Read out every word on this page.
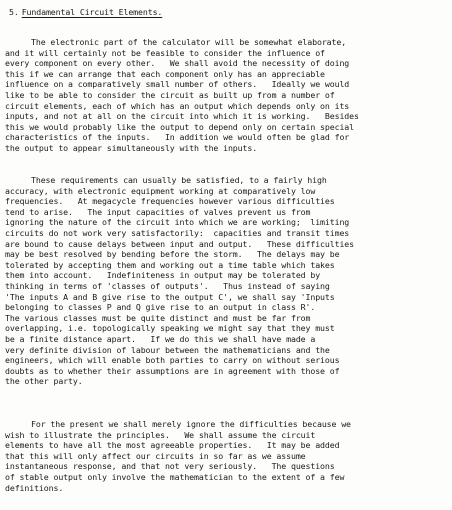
5. Fundamental Circuit Elements.

The electronic part of the calculator will be somewhat elaborate,
and it will certainly not be feasible to consider the influence of
every component on every other.   We shall avoid the necessity of doing
this if we can arrange that each component only has an appreciable
influence on a comparatively small number of others.   Ideally we would
like to be able to consider the circuit as built up from a number of
circuit elements, each of which has an output which depends only on its
inputs, and not at all on the circuit into which it is working.   Besides
this we would probably like the output to depend only on certain special
characteristics of the inputs.   In addition we would often be glad for
the output to appear simultaneously with the inputs.

These requirements can usually be satisfied, to a fairly high
accuracy, with electronic equipment working at comparatively low
frequencies.   At megacycle frequencies however various difficulties
tend to arise.   The input capacities of valves prevent us from
ignoring the nature of the circuit into which we are working;  limiting
circuits do not work very satisfactorily:  capacities and transit times
are bound to cause delays between input and output.   These difficulties
may be best resolved by bending before the storm.   The delays may be
tolerated by accepting them and working out a time table which takes
them into account.   Indefiniteness in output may be tolerated by
thinking in terms of 'classes of outputs'.   Thus instead of saying
'The inputs A and B give rise to the output C', we shall say 'Inputs
belonging to classes P and Q give rise to an output in class R'.
The various classes must be quite distinct and must be far from
overlapping, i.e. topologically speaking we might say that they must
be a finite distance apart.   If we do this we shall have made a
very definite division of labour between the mathematicians and the
engineers, which will enable both parties to carry on without serious
doubts as to whether their assumptions are in agreement with those of
the other party.

For the present we shall merely ignore the difficulties because we
wish to illustrate the principles.   We shall assume the circuit
elements to have all the most agreeable properties.   It may be added
that this will only affect our circuits in so far as we assume
instantaneous response, and that not very seriously.   The questions
of stable output only involve the mathematician to the extent of a few
definitions.
